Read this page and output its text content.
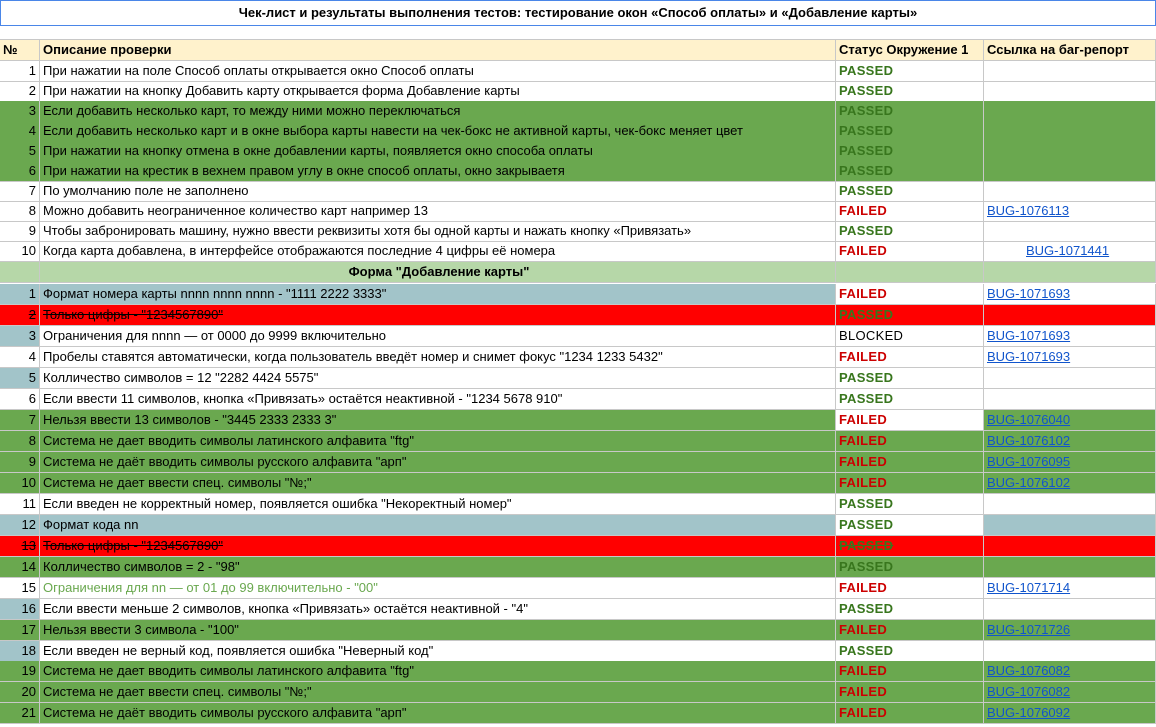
Чек-лист и результаты выполнения тестов: тестирование окон «Способ оплаты» и «Добавление карты»
№	Описание проверки	Статус Окружение 1	Ссылка на баг-репорт
1 При нажатии на поле Способ оплаты открывается окно Способ оплаты	PASSED
2 При нажатии на кнопку Добавить карту открывается форма Добавление карты	PASSED
3 Если добавить несколько карт, то между ними можно переключаться	PASSED
4 Если добавить несколько карт и в окне выбора карты навести на чек-бокс не активной карты, чек-бокс меняет цвет	PASSED
5 При нажатии на кнопку отмена в окне добавлении карты, появляется окно способа оплаты	PASSED
6 При нажатии на крестик в вехнем правом углу в окне способ оплаты, окно закрываетя	PASSED
7 По умолчанию поле не заполнено	PASSED
8 Можно добавить неограниченное количество карт например 13	FAILED	BUG-1076113
9 Чтобы забронировать машину, нужно ввести реквизиты хотя бы одной карты и нажать кнопку «Привязать»	PASSED
10 Когда карта добавлена, в интерфейсе отображаются последние 4 цифры её номера	FAILED	BUG-1071441
Форма "Добавление карты"
1 Формат номера карты nnnn nnnn nnnn - "1111 2222 3333"	FAILED	BUG-1071693
2 Только цифры - "1234567890"	PASSED
3 Ограничения для nnnn — от 0000 до 9999 включительно	BLOCKED	BUG-1071693
4 Пробелы ставятся автоматически, когда пользователь введёт номер и снимет фокус "1234 1233 5432"	FAILED	BUG-1071693
5 Колличество символов = 12 "2282 4424 5575"	PASSED
6 Если ввести 11 символов, кнопка «Привязать» остаётся неактивной - "1234 5678 910"	PASSED
7 Нельзя ввести 13 символов - "3445 2333 2333 3"	FAILED	BUG-1076040
8 Система не дает вводить символы латинского алфавита "ftg"	FAILED	BUG-1076102
9 Система не даёт вводить символы русского алфавита "арп"	FAILED	BUG-1076095
10 Система не дает ввести спец. символы "№;"	FAILED	BUG-1076102
11 Если введен не корректный номер, появляется ошибка "Некоректный номер"	PASSED
12 Формат кода nn	PASSED
13 Только цифры - "1234567890"	PASSED
14 Колличество символов = 2 - "98"	PASSED
15 Ограничения для nn — от 01 до 99 включительно - "00"	FAILED	BUG-1071714
16 Если ввести меньше 2 символов, кнопка «Привязать» остаётся неактивной - "4"	PASSED
17 Нельзя ввести 3 символа - "100"	FAILED	BUG-1071726
18 Если введен не верный код, появляется ошибка "Неверный код"	PASSED
19 Система не дает вводить символы латинского алфавита "ftg"	FAILED	BUG-1076082
20 Система не дает ввести спец. символы "№;"	FAILED	BUG-1076082
21 Система не даёт вводить символы русского алфавита "арп"	FAILED	BUG-1076092
